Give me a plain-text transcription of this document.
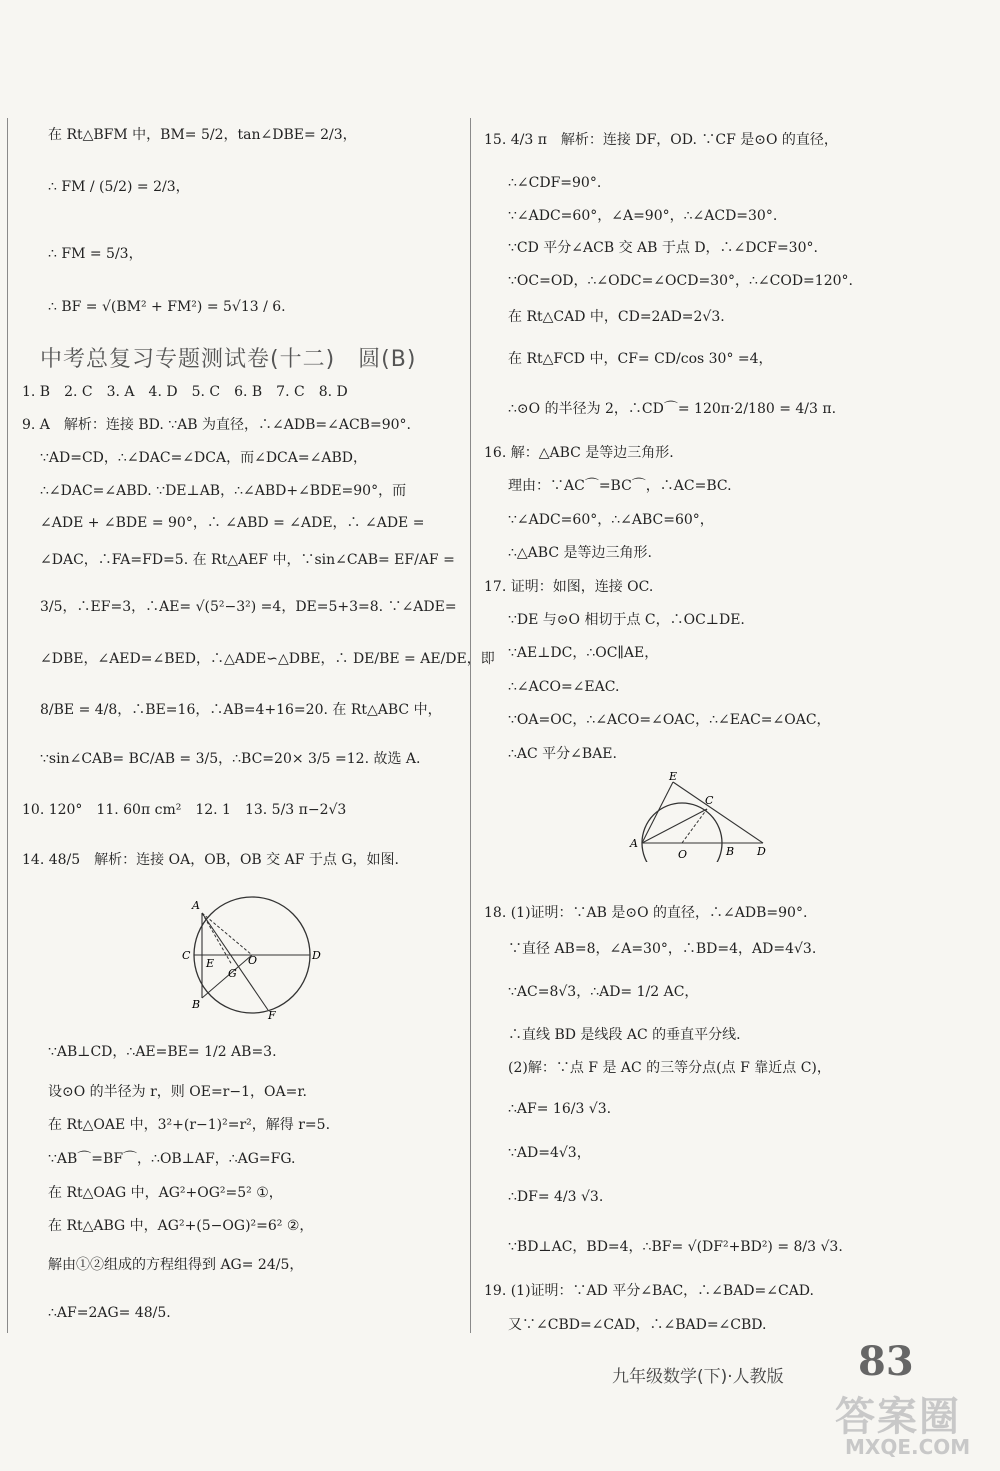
在 Rt△BFM 中，BM= 5/2，tan∠DBE= 2/3，
∴ FM / (5/2) = 2/3，
∴ FM = 5/3，
∴ BF = √(BM² + FM²) = 5√13 / 6.
中考总复习专题测试卷(十二)　圆(B)
1. B　2. C　3. A　4. D　5. C　6. B　7. C　8. D
9. A　解析：连接 BD. ∵AB 为直径，∴∠ADB=∠ACB=90°.
∵AD=CD，∴∠DAC=∠DCA，而∠DCA=∠ABD，
∴∠DAC=∠ABD. ∵DE⊥AB，∴∠ABD+∠BDE=90°，而
∠ADE + ∠BDE = 90°，∴ ∠ABD = ∠ADE，∴ ∠ADE =
∠DAC，∴FA=FD=5. 在 Rt△AEF 中，∵sin∠CAB= EF/AF =
3/5，∴EF=3，∴AE= √(5²−3²) =4，DE=5+3=8. ∵∠ADE=
∠DBE，∠AED=∠BED，∴△ADE∽△DBE，∴ DE/BE = AE/DE，即
8/BE = 4/8，∴BE=16，∴AB=4+16=20. 在 Rt△ABC 中，
∵sin∠CAB= BC/AB = 3/5，∴BC=20× 3/5 =12. 故选 A.
10. 120°　11. 60π cm²　12. 1　13. 5/3 π−2√3
14. 48/5　解析：连接 OA，OB，OB 交 AF 于点 G，如图.
A
C
E
G
O	D
B
F
∵AB⊥CD，∴AE=BE= 1/2 AB=3.
设⊙O 的半径为 r，则 OE=r−1，OA=r.
在 Rt△OAE 中，3²+(r−1)²=r²，解得 r=5.
∵AB⌒=BF⌒，∴OB⊥AF，∴AG=FG.
在 Rt△OAG 中，AG²+OG²=5² ①，
在 Rt△ABG 中，AG²+(5−OG)²=6² ②，
解由①②组成的方程组得到 AG= 24/5，
∴AF=2AG= 48/5.
15. 4/3 π　解析：连接 DF，OD. ∵CF 是⊙O 的直径，
∴∠CDF=90°.
∵∠ADC=60°，∠A=90°，∴∠ACD=30°.
∵CD 平分∠ACB 交 AB 于点 D，∴∠DCF=30°.
∵OC=OD，∴∠ODC=∠OCD=30°，∴∠COD=120°.
在 Rt△CAD 中，CD=2AD=2√3.
在 Rt△FCD 中，CF= CD/cos 30° =4，
∴⊙O 的半径为 2，∴CD⌒= 120π·2/180 = 4/3 π.
16. 解：△ABC 是等边三角形.
理由：∵AC⌒=BC⌒，∴AC=BC.
∵∠ADC=60°，∴∠ABC=60°，
∴△ABC 是等边三角形.
17. 证明：如图，连接 OC.
∵DE 与⊙O 相切于点 C，∴OC⊥DE.
∵AE⊥DC，∴OC∥AE，
∴∠ACO=∠EAC.
∵OA=OC，∴∠ACO=∠OAC，∴∠EAC=∠OAC，
∴AC 平分∠BAE.
E
C
A
O	B D
18. (1)证明：∵AB 是⊙O 的直径，∴∠ADB=90°.
∵直径 AB=8，∠A=30°，∴BD=4，AD=4√3.
∵AC=8√3，∴AD= 1/2 AC，
∴直线 BD 是线段 AC 的垂直平分线.
(2)解：∵点 F 是 AC 的三等分点(点 F 靠近点 C)，
∴AF= 16/3 √3.
∵AD=4√3，
∴DF= 4/3 √3.
∵BD⊥AC，BD=4，∴BF= √(DF²+BD²) = 8/3 √3.
19. (1)证明：∵AD 平分∠BAC，∴∠BAD=∠CAD.
又∵∠CBD=∠CAD，∴∠BAD=∠CBD.
九年级数学(下)·人教版 83
答案圈
MXQE.COM
